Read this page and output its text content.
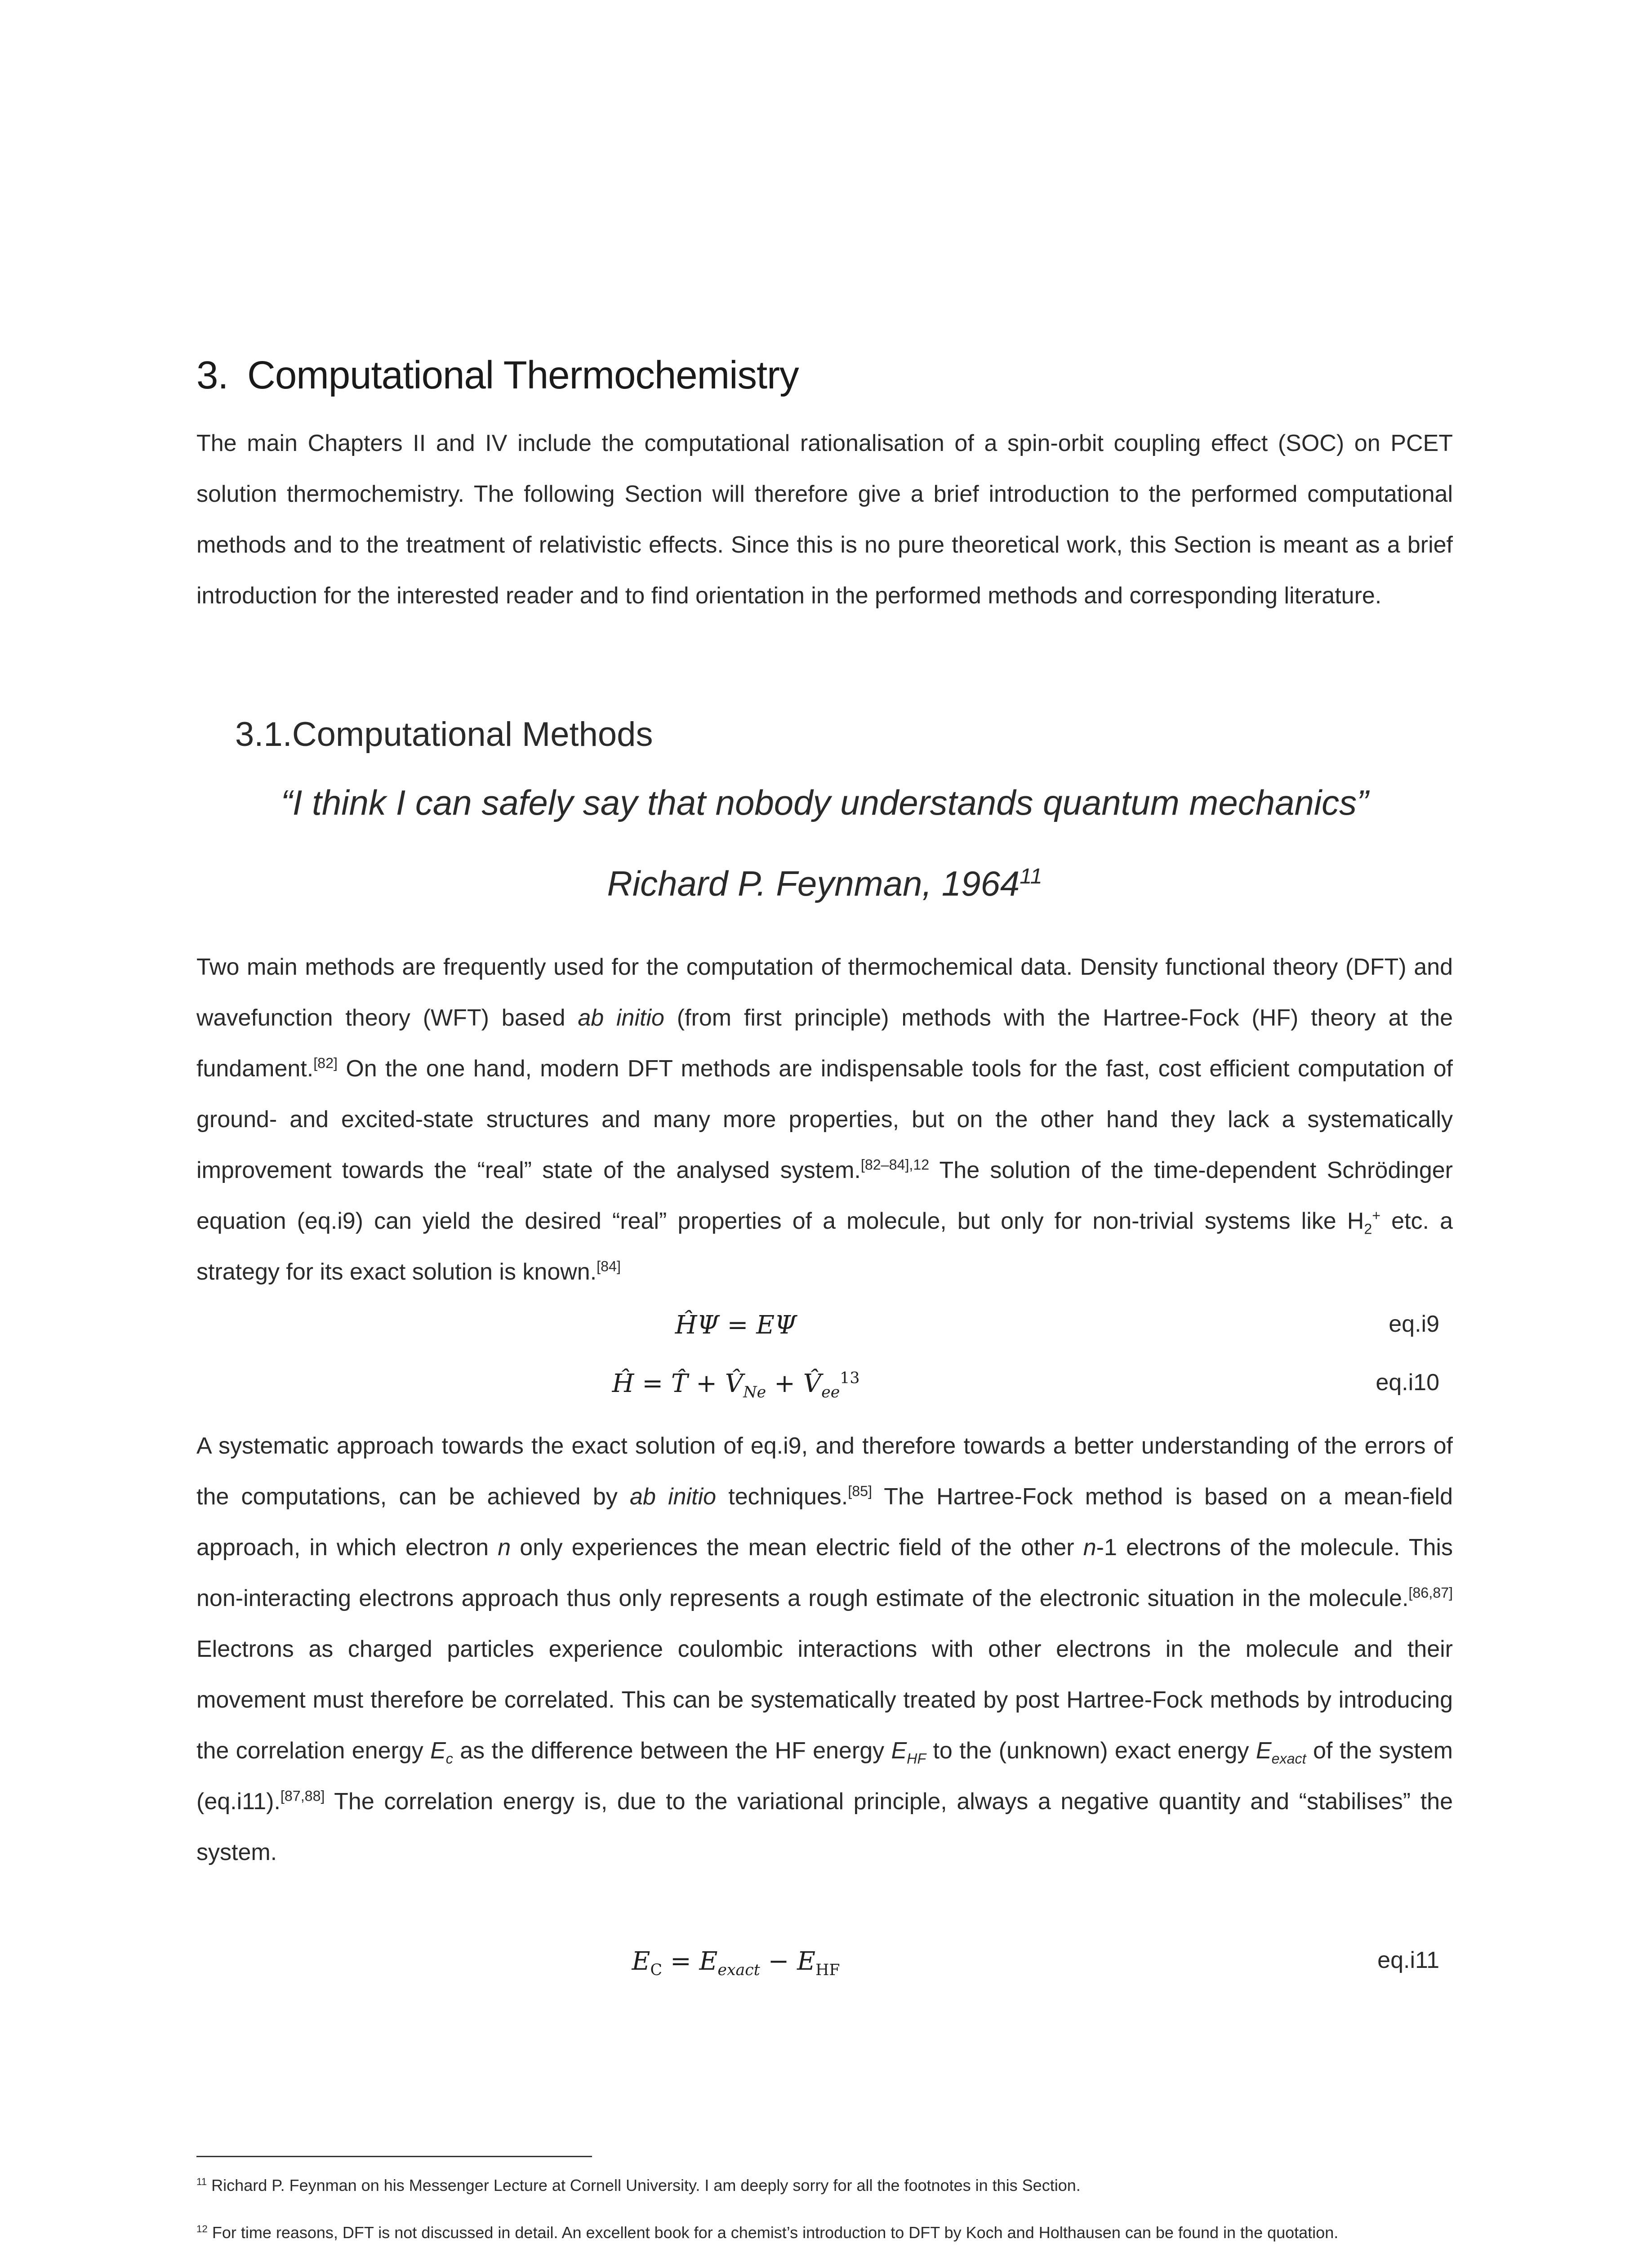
3. Computational Thermochemistry

The main Chapters II and IV include the computational rationalisation of a spin-orbit coupling effect (SOC) on PCET solution thermochemistry. The following Section will therefore give a brief introduction to the performed computational methods and to the treatment of relativistic effects. Since this is no pure theoretical work, this Section is meant as a brief introduction for the interested reader and to find orientation in the performed methods and corresponding literature.

3.1.Computational Methods

“I think I can safely say that nobody understands quantum mechanics”

Richard P. Feynman, 1964$^{11}$

Two main methods are frequently used for the computation of thermochemical data. Density functional theory (DFT) and wavefunction theory (WFT) based ab initio (from first principle) methods with the Hartree-Fock (HF) theory at the fundament.[82] On the one hand, modern DFT methods are indispensable tools for the fast, cost efficient computation of ground- and excited-state structures and many more properties, but on the other hand they lack a systematically improvement towards the “real” state of the analysed system.$^{[82-84],12}$ The solution of the time-dependent Schrödinger equation (eq.i9) can yield the desired “real” properties of a molecule, but only for non-trivial systems like $H_2^+$ etc. a strategy for its exact solution is known.[84]

ĤΨ = EΨ	eq.i9
Ĥ = T̂ + $V̂_{Ne}$ + $V̂_{ee}^{13}$	eq.i10

A systematic approach towards the exact solution of eq.i9, and therefore towards a better understanding of the errors of the computations, can be achieved by ab initio techniques.[85] The Hartree-Fock method is based on a mean-field approach, in which electron n only experiences the mean electric field of the other n-1 electrons of the molecule. This non-interacting electrons approach thus only represents a rough estimate of the electronic situation in the molecule.[86,87] Electrons as charged particles experience coulombic interactions with other electrons in the molecule and their movement must therefore be correlated. This can be systematically treated by post Hartree-Fock methods by introducing the correlation energy $E_c$ as the difference between the HF energy $E_{HF}$ to the (unknown) exact energy $E_{exact}$ of the system (eq.i11).[87,88] The correlation energy is, due to the variational principle, always a negative quantity and “stabilises” the system.

$E_C = E_{exact} - E_{HF}$	eq.i11

$^{11}$ Richard P. Feynman on his Messenger Lecture at Cornell University. I am deeply sorry for all the footnotes in this Section.

$^{12}$ For time reasons, DFT is not discussed in detail. An excellent book for a chemist’s introduction to DFT by Koch and Holthausen can be found in the quotation.
